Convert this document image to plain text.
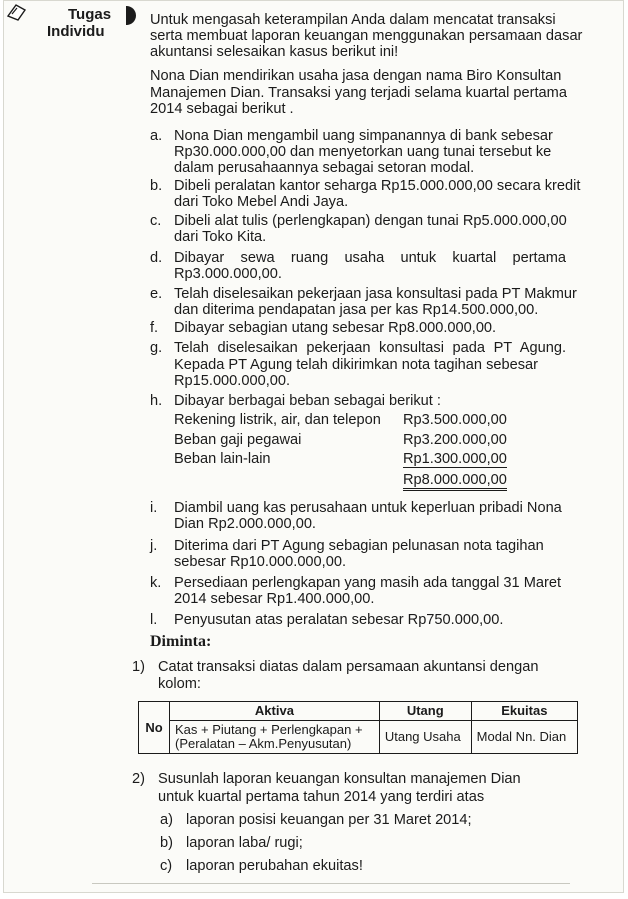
Tugas
Individu
Untuk mengasah keterampilan Anda dalam mencatat transaksi
serta membuat laporan keuangan menggunakan persamaan dasar
akuntansi selesaikan kasus berikut ini!
Nona Dian mendirikan usaha jasa dengan nama Biro Konsultan
Manajemen Dian. Transaksi yang terjadi selama kuartal pertama
2014 sebagai berikut .
a. Nona Dian mengambil uang simpanannya di bank sebesar
Rp30.000.000,00 dan menyetorkan uang tunai tersebut ke
dalam perusahaannya sebagai setoran modal.
b. Dibeli peralatan kantor seharga Rp15.000.000,00 secara kredit
dari Toko Mebel Andi Jaya.
c. Dibeli alat tulis (perlengkapan) dengan tunai Rp5.000.000,00
dari Toko Kita.
d. Dibayar sewa ruang usaha untuk kuartal pertama
Rp3.000.000,00.
e. Telah diselesaikan pekerjaan jasa konsultasi pada PT Makmur
dan diterima pendapatan jasa per kas Rp14.500.000,00.
f. Dibayar sebagian utang sebesar Rp8.000.000,00.
g. Telah diselesaikan pekerjaan konsultasi pada PT Agung.
Kepada PT Agung telah dikirimkan nota tagihan sebesar
Rp15.000.000,00.
h. Dibayar berbagai beban sebagai berikut :
Rekening listrik, air, dan telepon Rp3.500.000,00
Beban gaji pegawai	Rp3.200.000,00
Beban lain-lain	Rp1.300.000,00
Rp8.000.000,00
i. Diambil uang kas perusahaan untuk keperluan pribadi Nona
Dian Rp2.000.000,00.
j. Diterima dari PT Agung sebagian pelunasan nota tagihan
sebesar Rp10.000.000,00.
k. Persediaan perlengkapan yang masih ada tanggal 31 Maret
2014 sebesar Rp1.400.000,00.
l. Penyusutan atas peralatan sebesar Rp750.000,00.
Diminta:
1) Catat transaksi diatas dalam persamaan akuntansi dengan
kolom:
No	Aktiva	Utang	Ekuitas

	Kas + Piutang + Perlengkapan +
(Peralatan – Akm.Penyusutan)	Utang Usaha	Modal Nn. Dian
2) Susunlah laporan keuangan konsultan manajemen Dian
untuk kuartal pertama tahun 2014 yang terdiri atas
a) laporan posisi keuangan per 31 Maret 2014;
b) laporan laba/ rugi;
c) laporan perubahan ekuitas!
